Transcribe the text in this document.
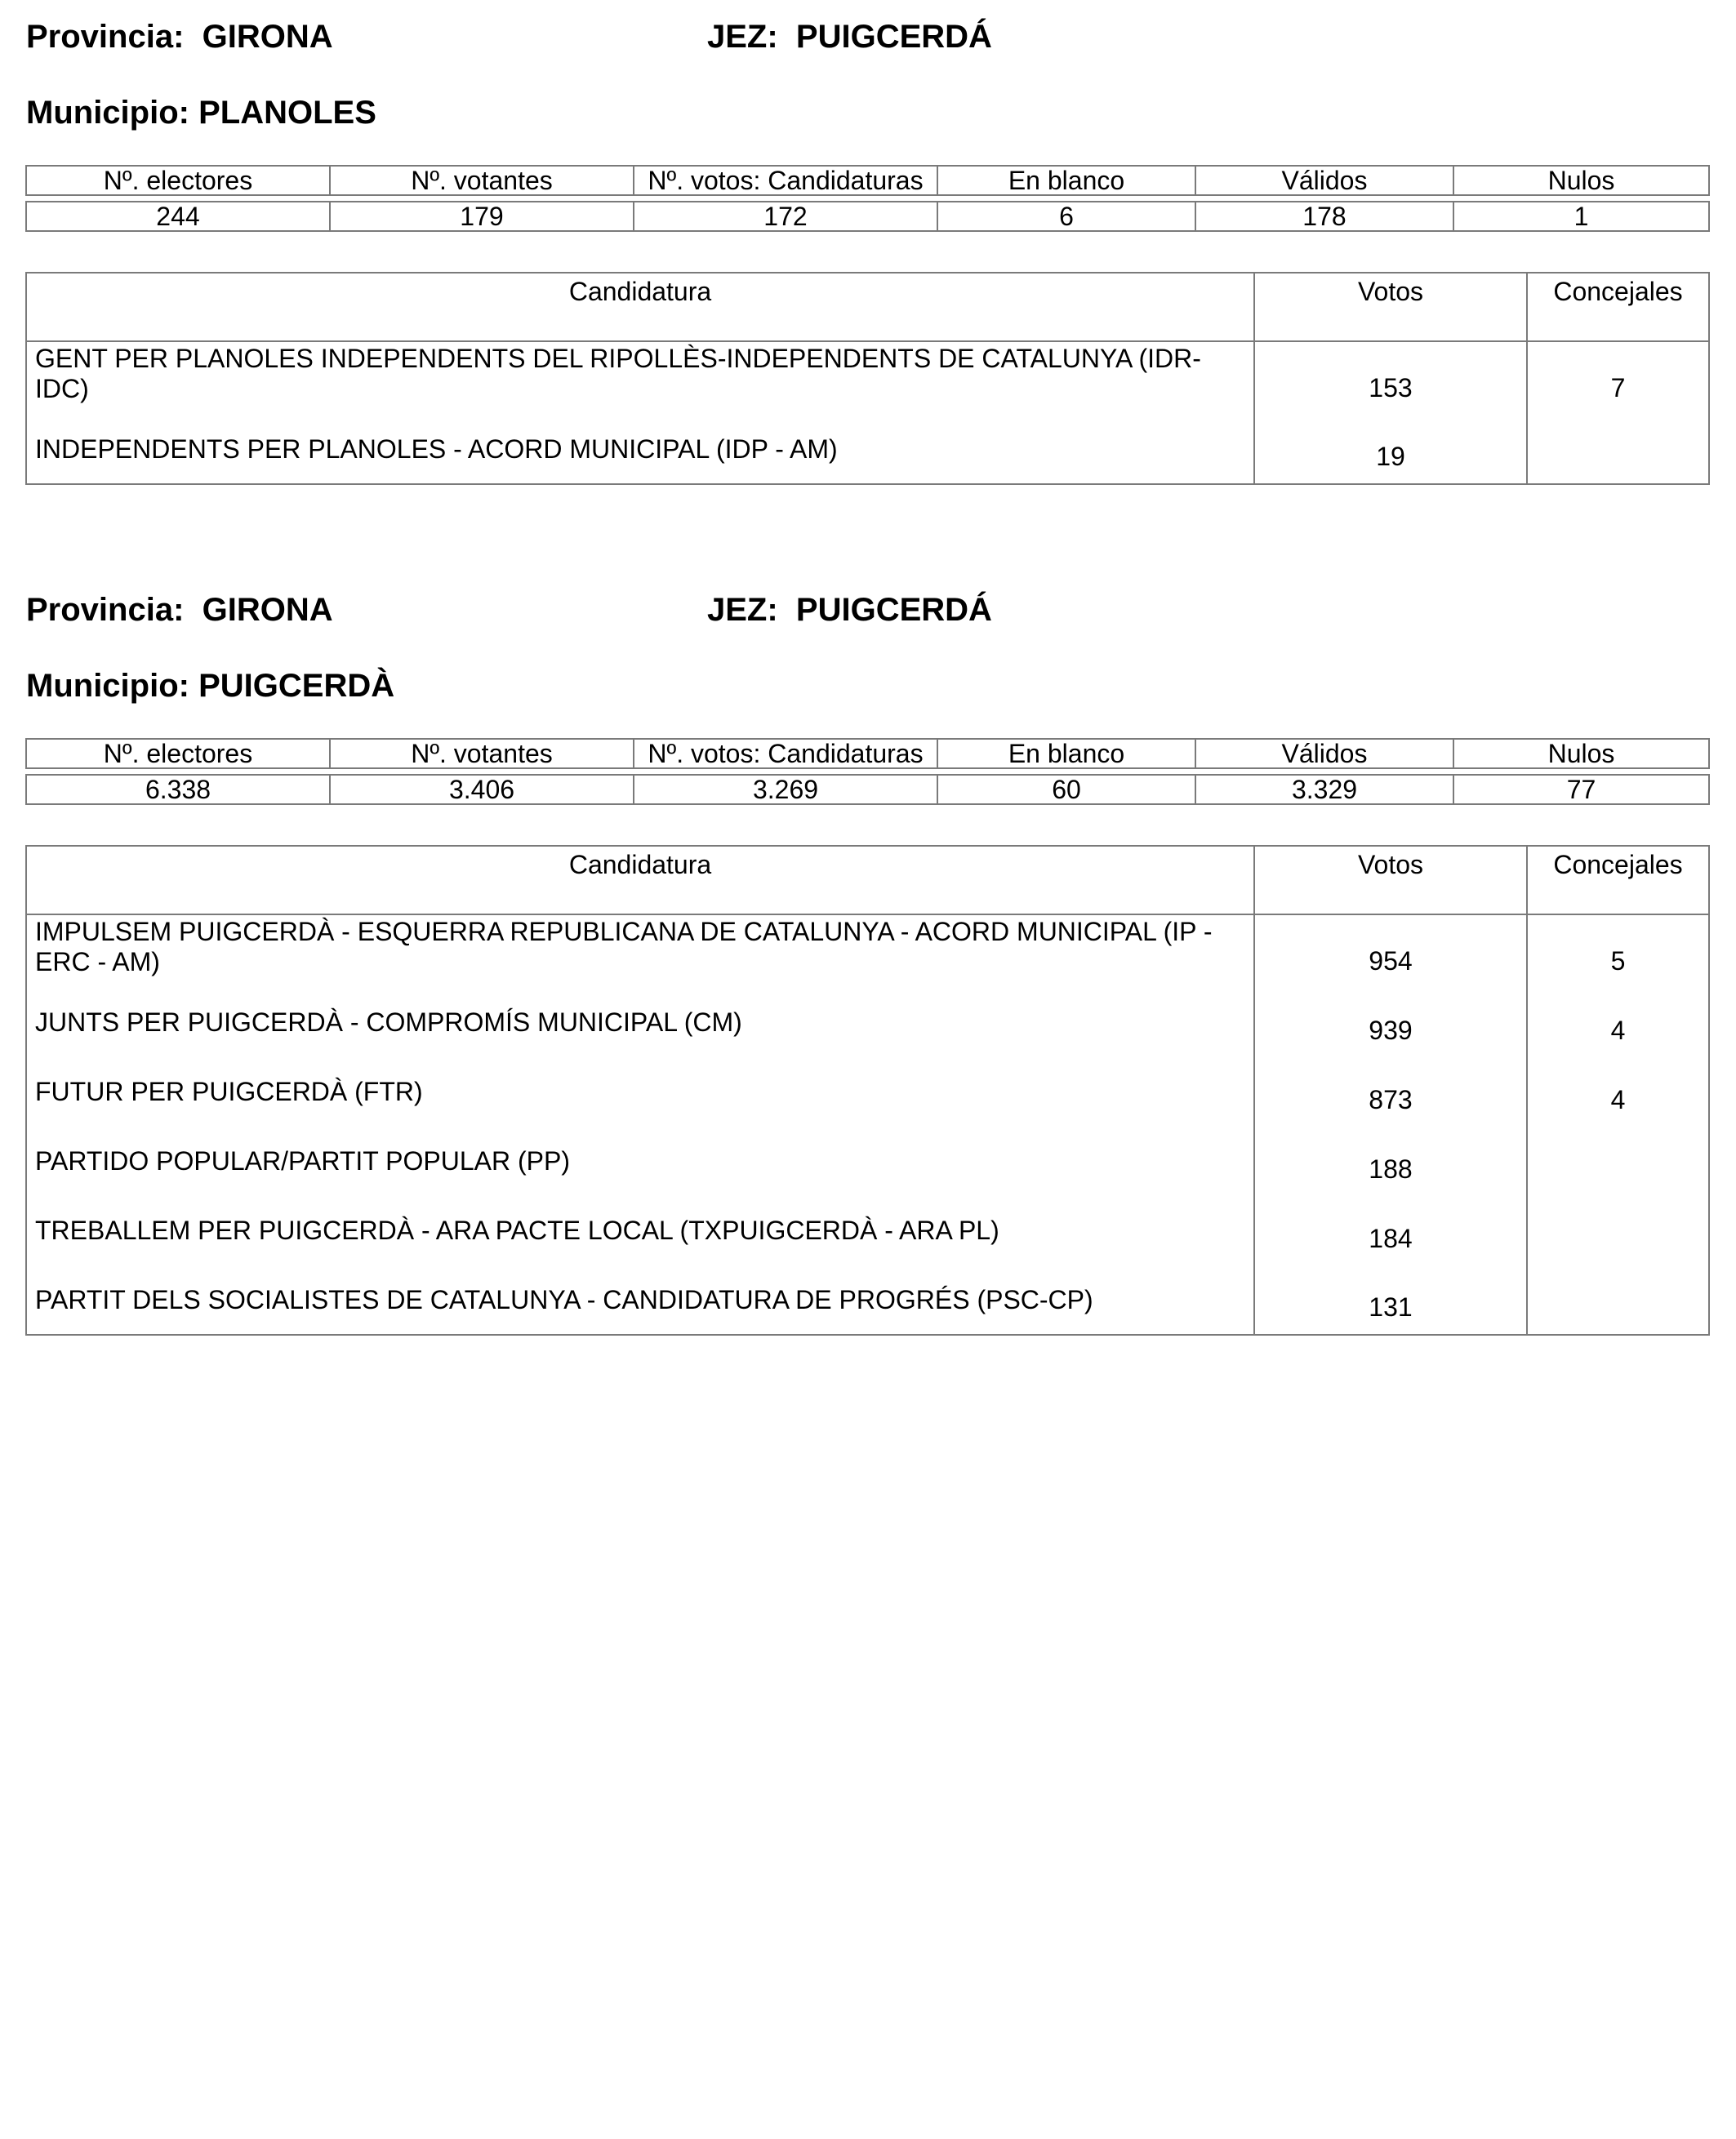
Provincia: GIRONA	JEZ: PUIGCERDÁ
Municipio: PLANOLES
Nº. electores	Nº. votantes	Nº. votos: Candidaturas	En blanco	Válidos	Nulos

244	179	172	6	178	1
Candidatura	Votos	Concejales
GENT PER PLANOLES INDEPENDENTS DEL RIPOLLÈS-INDEPENDENTS DE CATALUNYA (IDR-IDC)	153	7
INDEPENDENTS PER PLANOLES - ACORD MUNICIPAL (IDP - AM)	19	
Provincia: GIRONA	JEZ: PUIGCERDÁ
Municipio: PUIGCERDÀ
Nº. electores	Nº. votantes	Nº. votos: Candidaturas	En blanco	Válidos	Nulos

6.338	3.406	3.269	60	3.329	77
Candidatura	Votos	Concejales
IMPULSEM PUIGCERDÀ - ESQUERRA REPUBLICANA DE CATALUNYA - ACORD MUNICIPAL (IP - ERC - AM)	954	5
JUNTS PER PUIGCERDÀ - COMPROMÍS MUNICIPAL (CM)	939	4
FUTUR PER PUIGCERDÀ (FTR)	873	4
PARTIDO POPULAR/PARTIT POPULAR (PP)	188	
TREBALLEM PER PUIGCERDÀ - ARA PACTE LOCAL (TXPUIGCERDÀ - ARA PL)	184	
PARTIT DELS SOCIALISTES DE CATALUNYA - CANDIDATURA DE PROGRÉS (PSC-CP)	131	
